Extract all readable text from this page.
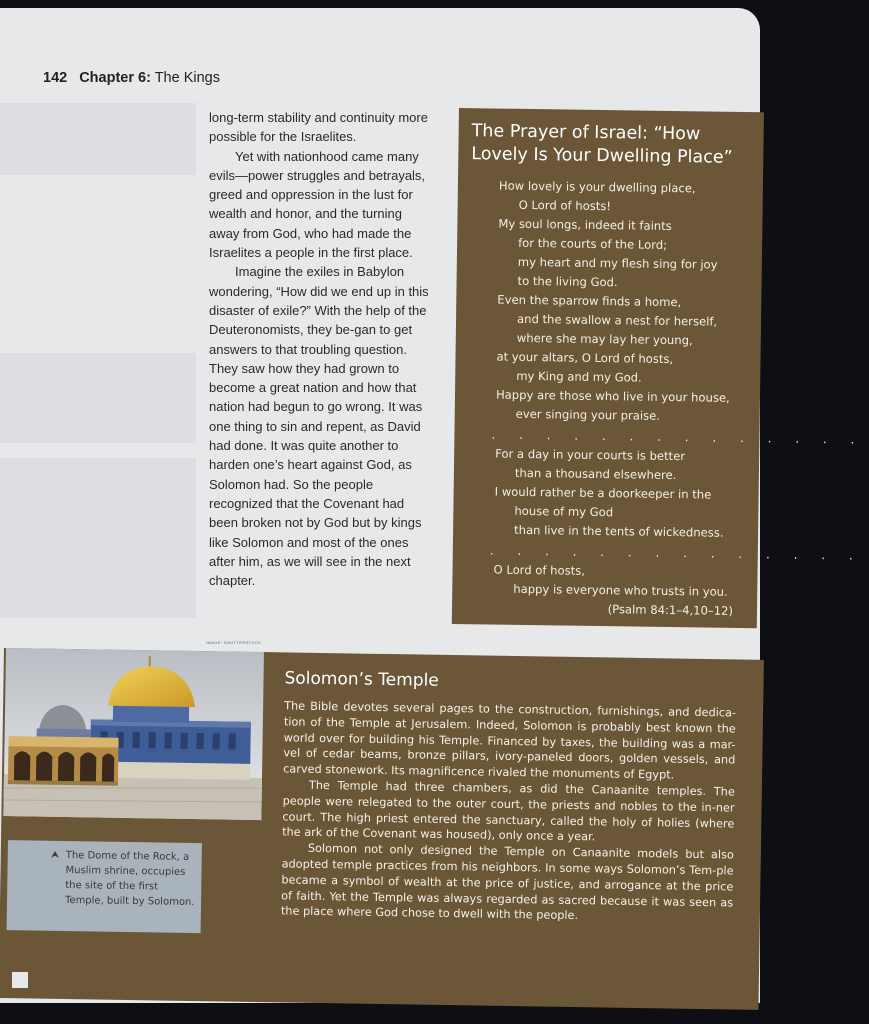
142 Chapter 6: The Kings

long-term stability and continuity more possible for the Israelites.

Yet with nationhood came many evils—power struggles and betrayals, greed and oppression in the lust for wealth and honor, and the turning away from God, who had made the Israelites a people in the first place.

Imagine the exiles in Babylon wondering, “How did we end up in this disaster of exile?” With the help of the Deuteronomists, they be-gan to get answers to that troubling question. They saw how they had grown to become a great nation and how that nation had begun to go wrong. It was one thing to sin and repent, as David had done. It was quite another to harden one’s heart against God, as Solomon had. So the people recognized that the Covenant had been broken not by God but by kings like Solomon and most of the ones after him, as we will see in the next chapter.

The Prayer of Israel: “How Lovely Is Your Dwelling Place”
How lovely is your dwelling place,
O Lord of hosts!
My soul longs, indeed it faints
for the courts of the Lord;
my heart and my flesh sing for joy
to the living God.
Even the sparrow finds a home,
and the swallow a nest for herself,
where she may lay her young,
at your altars, O Lord of hosts,
my King and my God.
Happy are those who live in your house,
ever singing your praise.
. . . . . . . . . . . . . .
For a day in your courts is better
than a thousand elsewhere.
I would rather be a doorkeeper in the
house of my God
than live in the tents of wickedness.
. . . . . . . . . . . . . .
O Lord of hosts,
happy is everyone who trusts in you.
(Psalm 84:1–4,10–12)
IMAGE: SHUTTERSTOCK
⮝ The Dome of the Rock, a Muslim shrine, occupies the site of the first Temple, built by Solomon.
Solomon’s Temple

The Bible devotes several pages to the construction, furnishings, and dedica-tion of the Temple at Jerusalem. Indeed, Solomon is probably best known the world over for building his Temple. Financed by taxes, the building was a mar-vel of cedar beams, bronze pillars, ivory-paneled doors, golden vessels, and carved stonework. Its magnificence rivaled the monuments of Egypt.

The Temple had three chambers, as did the Canaanite temples. The people were relegated to the outer court, the priests and nobles to the in-ner court. The high priest entered the sanctuary, called the holy of holies (where the ark of the Covenant was housed), only once a year.

Solomon not only designed the Temple on Canaanite models but also adopted temple practices from his neighbors. In some ways Solomon’s Tem-ple became a symbol of wealth at the price of justice, and arrogance at the price of faith. Yet the Temple was always regarded as sacred because it was seen as the place where God chose to dwell with the people.
